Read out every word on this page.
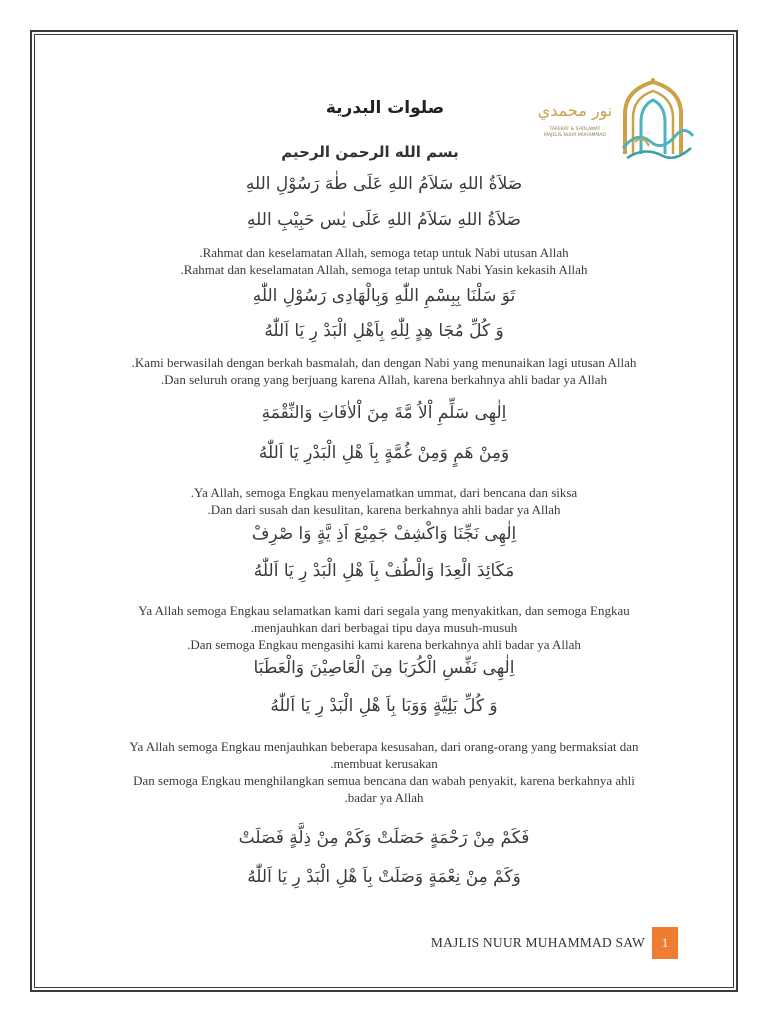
نور محمدي
TAREKAT & SHOLAWAT
MAJELIS NUUR MUHAMMAD
صلوات البدرية
بسم الله الرحمن الرحيم
صَلاَةُ اللهِ سَلاَمُ اللهِ عَلَى طٰهَ رَسُوْلِ اللهِ
صَلاَةُ اللهِ سَلاَمُ اللهِ عَلَى يٰس حَبِيْبِ اللهِ

.Rahmat dan keselamatan Allah, semoga tetap untuk Nabi utusan Allah

.Rahmat dan keselamatan Allah, semoga tetap untuk Nabi Yasin kekasih Allah

تَوَ سَلْنَا بِبِسْمِ اللّٰهِ وَبِالْهَادِى رَسُوْلِ اللّٰهِ
وَ كُلِّ مُجَا هِدٍ لِلّٰهِ بِاَهْلِ الْبَدْ رِ يَا اَللّٰهُ

.Kami berwasilah dengan berkah basmalah, dan dengan Nabi yang menunaikan lagi utusan Allah

.Dan seluruh orang yang berjuang karena Allah, karena berkahnya ahli badar ya Allah

اِلٰهِى سَلِّمِ اْلاُ مَّةَ مِنَ اْلاٰفَاتِ وَالنِّقْمَةِ
وَمِنْ هَمٍ وَمِنْ غُمَّةٍ بِاَ هْلِ الْبَدْرِ يَا اَللّٰهُ

.Ya Allah, semoga Engkau menyelamatkan ummat, dari bencana dan siksa

.Dan dari susah dan kesulitan, karena berkahnya ahli badar ya Allah

اِلٰهِى نَجِّنَا وَاكْشِفْ جَمِيْعَ اَذِ يَّةٍ وَا صْرِفْ
مَكَائِدَ الْعِدَا وَالْطُفْ بِاَ هْلِ الْبَدْ رِ يَا اَللّٰهُ

Ya Allah semoga Engkau selamatkan kami dari segala yang menyakitkan, dan semoga Engkau

.menjauhkan dari berbagai tipu daya musuh-musuh

.Dan semoga Engkau mengasihi kami karena berkahnya ahli badar ya Allah

اِلٰهِى نَفِّسِ الْكُرَبَا مِنَ الْعَاصِيْنَ وَالْعَطَبَا
وَ كُلِّ بَلِيَّةٍ وَوَبَا بِاَ هْلِ الْبَدْ رِ يَا اَللّٰهُ

Ya Allah semoga Engkau menjauhkan beberapa kesusahan, dari orang-orang yang bermaksiat dan

.membuat kerusakan

Dan semoga Engkau menghilangkan semua bencana dan wabah penyakit, karena berkahnya ahli

.badar ya Allah

فَكَمْ مِنْ رَحْمَةٍ حَصَلَتْ وَكَمْ مِنْ ذِلَّةٍ فَصَلَتْ
وَكَمْ مِنْ نِعْمَةٍ وَصَلَتْ بِاَ هْلِ الْبَدْ رِ يَا اَللّٰهُ
MAJLIS NUUR MUHAMMAD SAW	1
